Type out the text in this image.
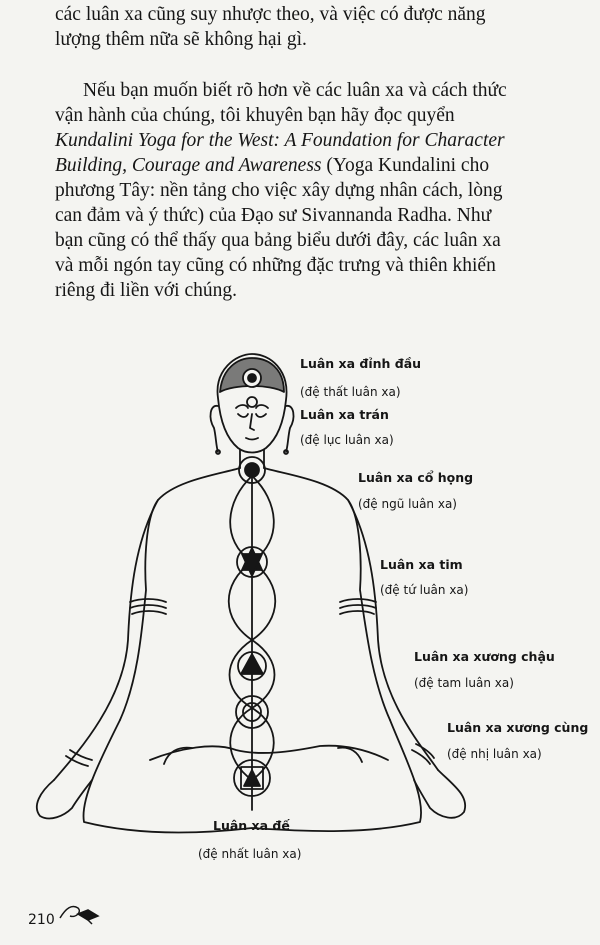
các luân xa cũng suy nhược theo, và việc có được năng
lượng thêm nữa sẽ không hại gì.

Nếu bạn muốn biết rõ hơn về các luân xa và cách thức
vận hành của chúng, tôi khuyên bạn hãy đọc quyển
Kundalini Yoga for the West: A Foundation for Character
Building, Courage and Awareness (Yoga Kundalini cho
phương Tây: nền tảng cho việc xây dựng nhân cách, lòng
can đảm và ý thức) của Đạo sư Sivannanda Radha. Như
bạn cũng có thể thấy qua bảng biểu dưới đây, các luân xa
và mỗi ngón tay cũng có những đặc trưng và thiên khiến
riêng đi liền với chúng.

Luân xa đỉnh đầu
(đệ thất luân xa)
Luân xa trán
(đệ lục luân xa)
Luân xa cổ họng
(đệ ngũ luân xa)
Luân xa tim
(đệ tứ luân xa)
Luân xa xương chậu
(đệ tam luân xa)
Luân xa xương cùng
(đệ nhị luân xa)
Luân xa đế
(đệ nhất luân xa)
210
